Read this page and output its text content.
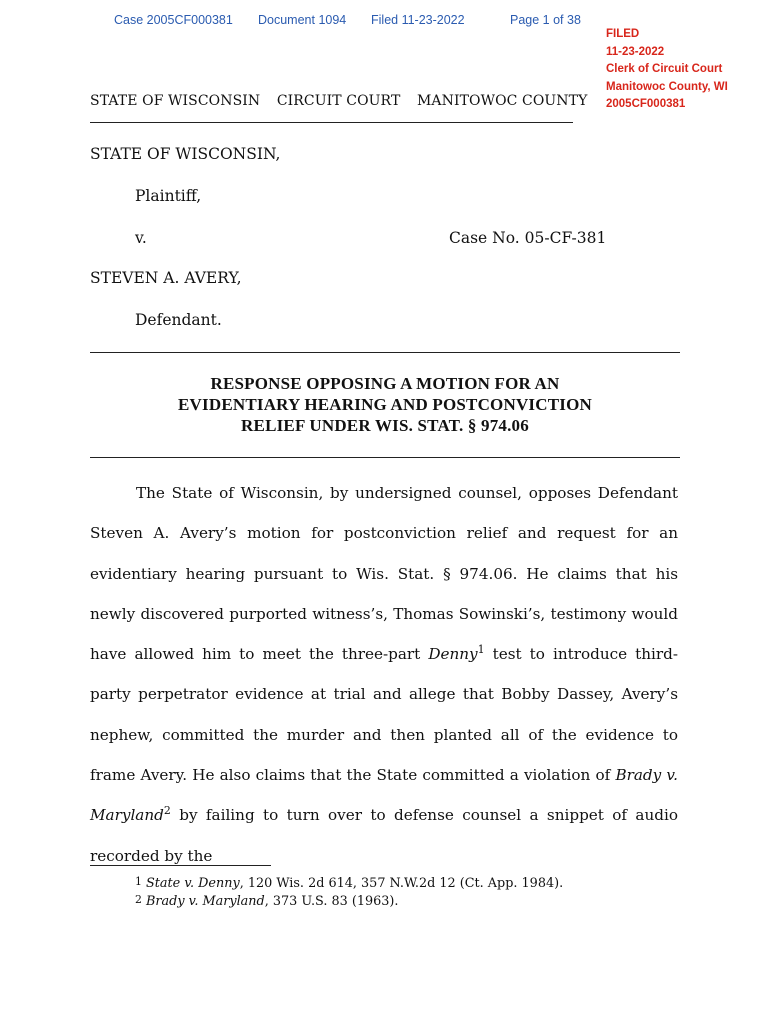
Case 2005CF000381 Document 1094 Filed 11-23-2022	Page 1 of 38
FILED
11-23-2022
Clerk of Circuit Court
Manitowoc County, WI
2005CF000381
STATE OF WISCONSIN CIRCUIT COURT MANITOWOC COUNTY
STATE OF WISCONSIN,
Plaintiff,
v.	Case No. 05-CF-381
STEVEN A. AVERY,
Defendant.
RESPONSE OPPOSING A MOTION FOR AN
EVIDENTIARY HEARING AND POSTCONVICTION
RELIEF UNDER WIS. STAT. § 974.06

The State of Wisconsin, by undersigned counsel, opposes Defendant Steven A. Avery’s motion for postconviction relief and request for an evidentiary hearing pursuant to Wis. Stat. § 974.06. He claims that his newly discovered purported witness’s, Thomas Sowinski’s, testimony would have allowed him to meet the three-part Denny$^1$ test to introduce third-party perpetrator evidence at trial and allege that Bobby Dassey, Avery’s nephew, committed the murder and then planted all of the evidence to frame Avery. He also claims that the State committed a violation of Brady v. Maryland$^2$ by failing to turn over to defense counsel a snippet of audio recorded by the

$^1$ State v. Denny, 120 Wis. 2d 614, 357 N.W.2d 12 (Ct. App. 1984).
$^2$ Brady v. Maryland, 373 U.S. 83 (1963).
